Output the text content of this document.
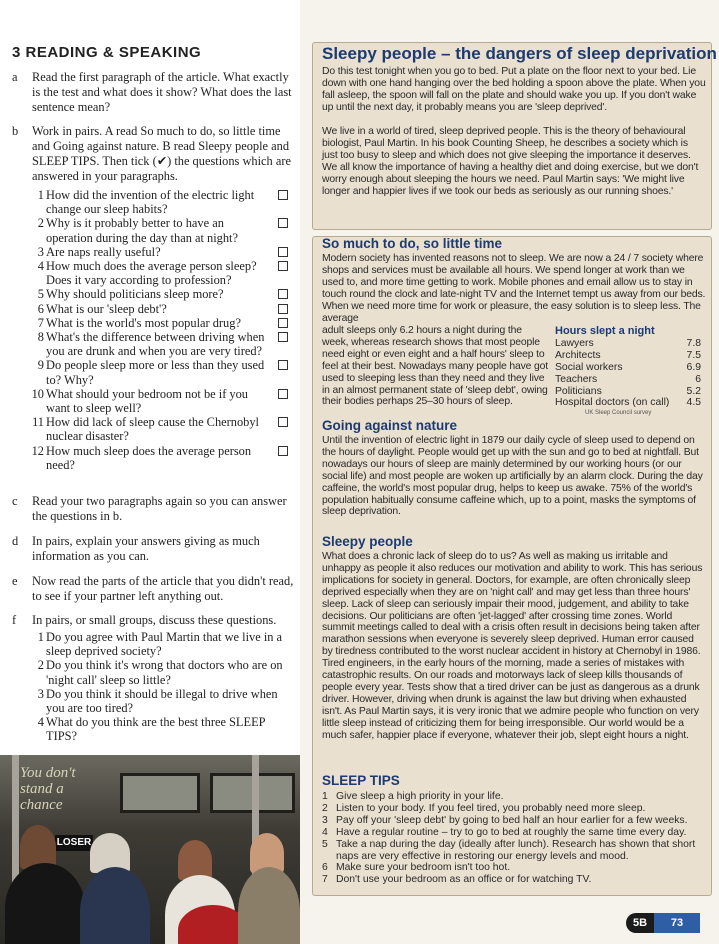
3 READING & SPEAKING
a	Read the first paragraph of the article. What exactly is the test and what does it show? What does the last sentence mean?
b	Work in pairs. A read So much to do, so little time and Going against nature. B read Sleepy people and SLEEP TIPS. Then tick (✔) the questions which are answered in your paragraphs.
1 How did the invention of the electric light change our sleep habits?
2 Why is it probably better to have an operation during the day than at night?
3 Are naps really useful?
4 How much does the average person sleep? Does it vary according to profession?
5 Why should politicians sleep more?
6 What is our 'sleep debt'?
7 What is the world's most popular drug?
8 What's the difference between driving when you are drunk and when you are very tired?
9 Do people sleep more or less than they used to? Why?
10 What should your bedroom not be if you want to sleep well?
11 How did lack of sleep cause the Chernobyl nuclear disaster?
12 How much sleep does the average person need?
c	Read your two paragraphs again so you can answer the questions in b.
d	In pairs, explain your answers giving as much information as you can.
e	Now read the parts of the article that you didn't read, to see if your partner left anything out.
f	In pairs, or small groups, discuss these questions.
1 Do you agree with Paul Martin that we live in a sleep deprived society?
2 Do you think it's wrong that doctors who are on 'night call' sleep so little?
3 Do you think it should be illegal to drive when you are too tired?
4 What do you think are the best three SLEEP TIPS?
You don't stand a chance
LOSER
Sleepy people – the dangers of sleep deprivation
Do this test tonight when you go to bed. Put a plate on the floor next to your bed. Lie down with one hand hanging over the bed holding a spoon above the plate. When you fall asleep, the spoon will fall on the plate and should wake you up. If you don't wake up until the next day, it probably means you are 'sleep deprived'.
We live in a world of tired, sleep deprived people. This is the theory of behavioural biologist, Paul Martin. In his book Counting Sheep, he describes a society which is just too busy to sleep and which does not give sleeping the importance it deserves. We all know the importance of having a healthy diet and doing exercise, but we don't worry enough about sleeping the hours we need. Paul Martin says: 'We might live longer and happier lives if we took our beds as seriously as our running shoes.'
So much to do, so little time
Modern society has invented reasons not to sleep. We are now a 24 / 7 society where shops and services must be available all hours. We spend longer at work than we used to, and more time getting to work. Mobile phones and email allow us to stay in touch round the clock and late-night TV and the Internet tempt us away from our beds. When we need more time for work or pleasure, the easy solution is to sleep less. The average
adult sleeps only 6.2 hours a night during the week, whereas research shows that most people need eight or even eight and a half hours' sleep to feel at their best. Nowadays many people have got used to sleeping less than they need and they live in an almost permanent state of 'sleep debt', owing their bodies perhaps 25–30 hours of sleep.
Hours slept a night
Lawyers	7.8
Architects	7.5
Social workers	6.9
Teachers	6
Politicians	5.2
Hospital doctors (on call) 4.5
UK Sleep Council survey
Going against nature
Until the invention of electric light in 1879 our daily cycle of sleep used to depend on the hours of daylight. People would get up with the sun and go to bed at nightfall. But nowadays our hours of sleep are mainly determined by our working hours (or our social life) and most people are woken up artificially by an alarm clock. During the day caffeine, the world's most popular drug, helps to keep us awake. 75% of the world's population habitually consume caffeine which, up to a point, masks the symptoms of sleep deprivation.
Sleepy people
What does a chronic lack of sleep do to us? As well as making us irritable and unhappy as people it also reduces our motivation and ability to work. This has serious implications for society in general. Doctors, for example, are often chronically sleep deprived especially when they are on 'night call' and may get less than three hours' sleep. Lack of sleep can seriously impair their mood, judgement, and ability to take decisions. Our politicians are often 'jet-lagged' after crossing time zones. World summit meetings called to deal with a crisis often result in decisions being taken after marathon sessions when everyone is severely sleep deprived. Human error caused by tiredness contributed to the worst nuclear accident in history at Chernobyl in 1986. Tired engineers, in the early hours of the morning, made a series of mistakes with catastrophic results. On our roads and motorways lack of sleep kills thousands of people every year. Tests show that a tired driver can be just as dangerous as a drunk driver. However, driving when drunk is against the law but driving when exhausted isn't. As Paul Martin says, it is very ironic that we admire people who function on very little sleep instead of criticizing them for being irresponsible. Our world would be a much safer, happier place if everyone, whatever their job, slept eight hours a night.
SLEEP TIPS
1 Give sleep a high priority in your life.
2 Listen to your body. If you feel tired, you probably need more sleep.
3 Pay off your 'sleep debt' by going to bed half an hour earlier for a few weeks.
4 Have a regular routine – try to go to bed at roughly the same time every day.
5 Take a nap during the day (ideally after lunch). Research has shown that short naps are very effective in restoring our energy levels and mood.
6 Make sure your bedroom isn't too hot.
7 Don't use your bedroom as an office or for watching TV.
5B	73
